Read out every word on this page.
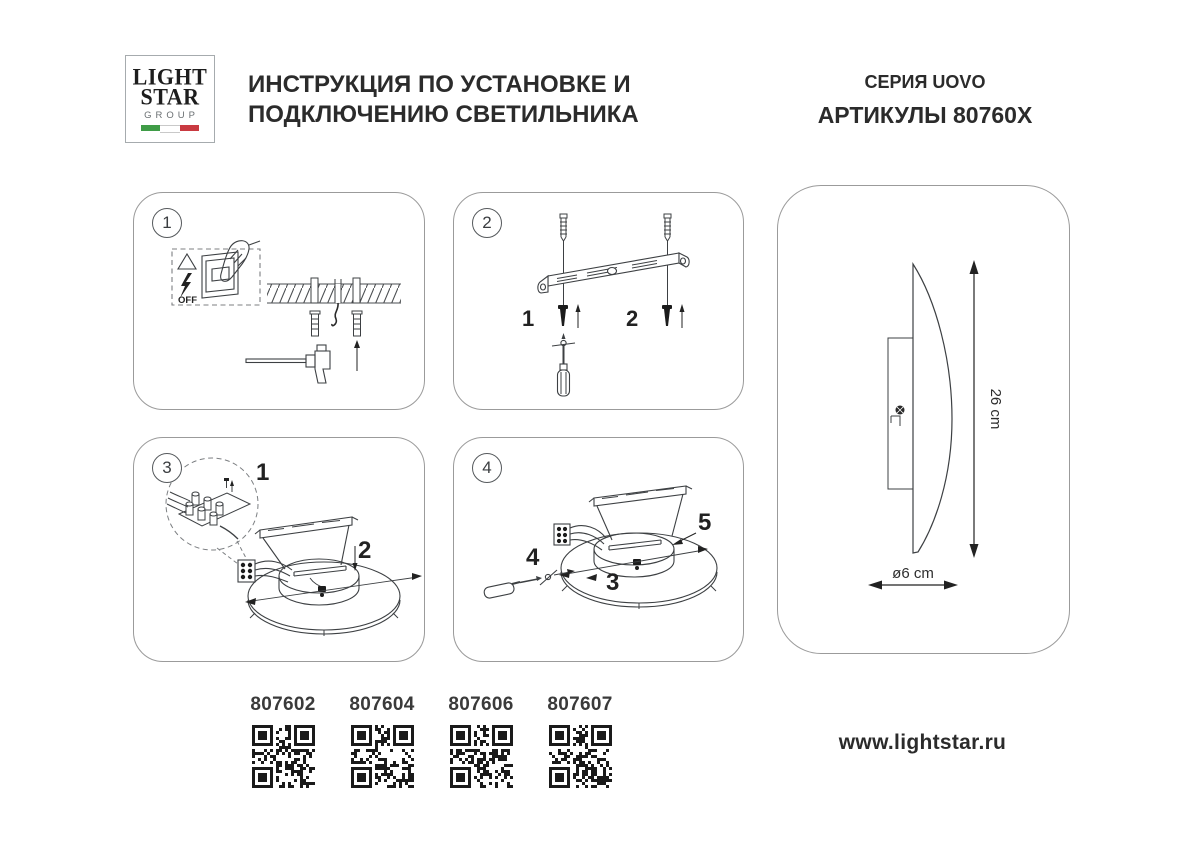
LIGHT
STAR
GROUP
ИНСТРУКЦИЯ ПО УСТАНОВКЕ И
ПОДКЛЮЧЕНИЮ СВЕТИЛЬНИКА
СЕРИЯ UOVO
АРТИКУЛЫ 80760X
1
OFF
2
1	2
3	1
2
4
4
3
5
26 cm
ø6 cm
807602 807604 807606 807607
www.lightstar.ru
